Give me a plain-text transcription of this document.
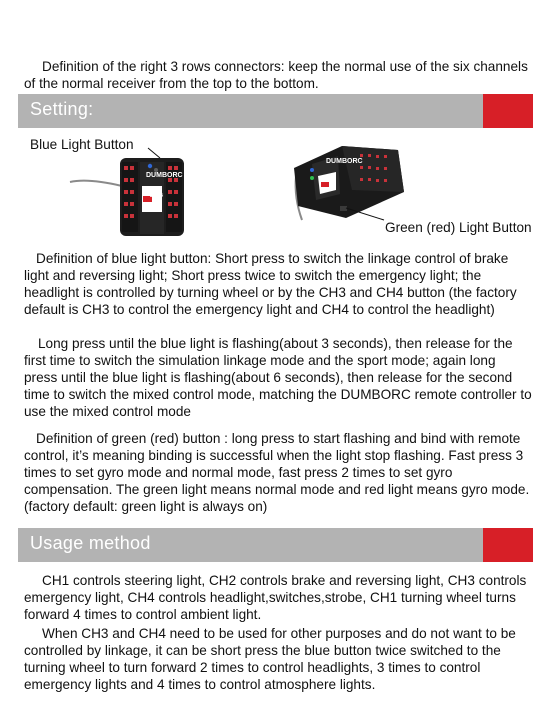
Definition of the right 3 rows connectors: keep the normal use of the six channels of the normal receiver from the top to the bottom.

Setting:
Blue Light Button
DUMBORC
2.4G
DUMBORC
Green (red) Light Button

Definition of blue light button: Short press to switch the linkage control of brake light and reversing light; Short press twice to switch the emergency light; the headlight is controlled by turning wheel or by the CH3 and CH4 button (the factory default is CH3 to control the emergency light and CH4 to control the headlight)

Long press until the blue light is flashing(about 3 seconds), then release for the first time to switch the simulation linkage mode and the sport mode; again long press until the blue light is flashing(about 6 seconds), then release for the second time to switch the mixed control mode, matching the DUMBORC remote controller to use the mixed control mode

Definition of green (red) button : long press to start flashing and bind with remote control, it’s meaning binding is successful when the light stop flashing. Fast press 3 times to set gyro mode and normal mode, fast press 2 times to set gyro compensation. The green light means normal mode and red light means gyro mode. (factory default: green light is always on)

Usage method

CH1 controls steering light, CH2 controls brake and reversing light, CH3 controls emergency light, CH4 controls headlight,switches,strobe, CH1 turning wheel turns forward 4 times to control ambient light.

When CH3 and CH4 need to be used for other purposes and do not want to be controlled by linkage, it can be short press the blue button twice switched to the turning wheel to turn forward 2 times to control headlights, 3 times to control emergency lights and 4 times to control atmosphere lights.
